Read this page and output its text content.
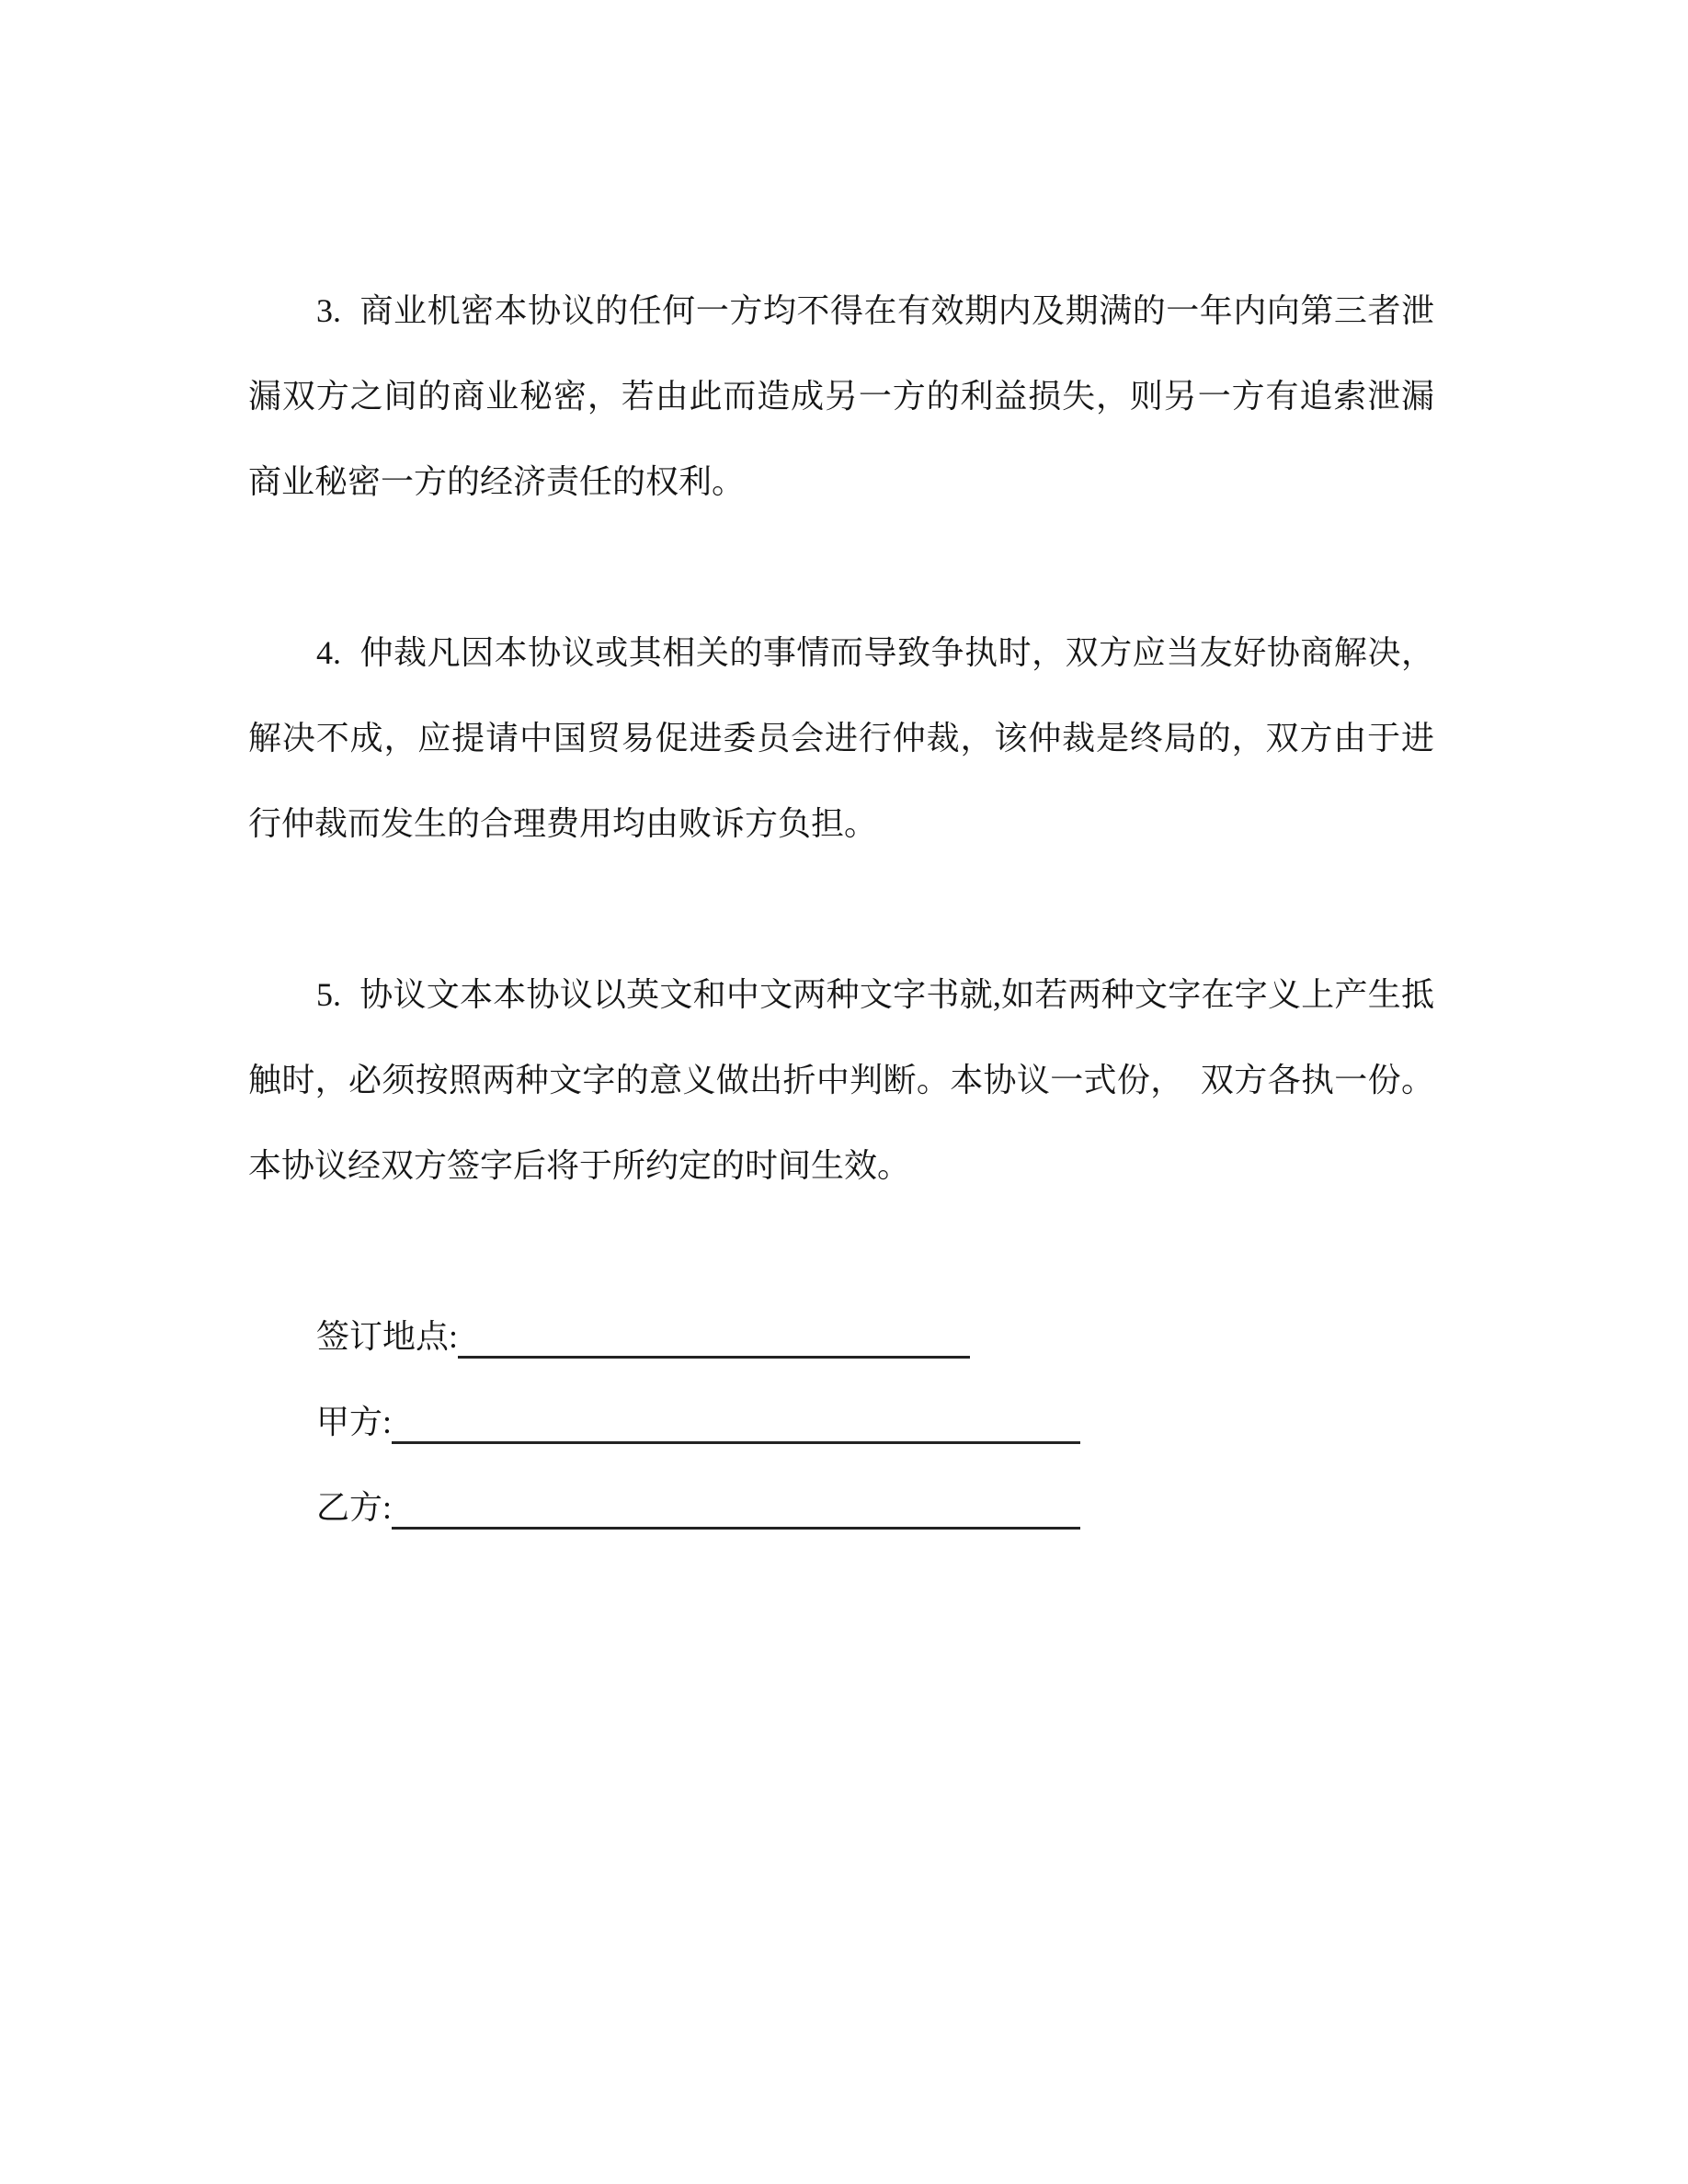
3. 商业机密本协议的任何一方均不得在有效期内及期满的一年内向第三者泄漏双方之间的商业秘密，若由此而造成另一方的利益损失，则另一方有追索泄漏商业秘密一方的经济责任的权利。

4. 仲裁凡因本协议或其相关的事情而导致争执时，双方应当友好协商解决，解决不成，应提请中国贸易促进委员会进行仲裁，该仲裁是终局的，双方由于进行仲裁而发生的合理费用均由败诉方负担。

5. 协议文本本协议以英文和中文两种文字书就,如若两种文字在字义上产生抵触时，必须按照两种文字的意义做出折中判断。本协议一式份，　双方各执一份。本协议经双方签字后将于所约定的时间生效。

签订地点:
甲方:
乙方:
